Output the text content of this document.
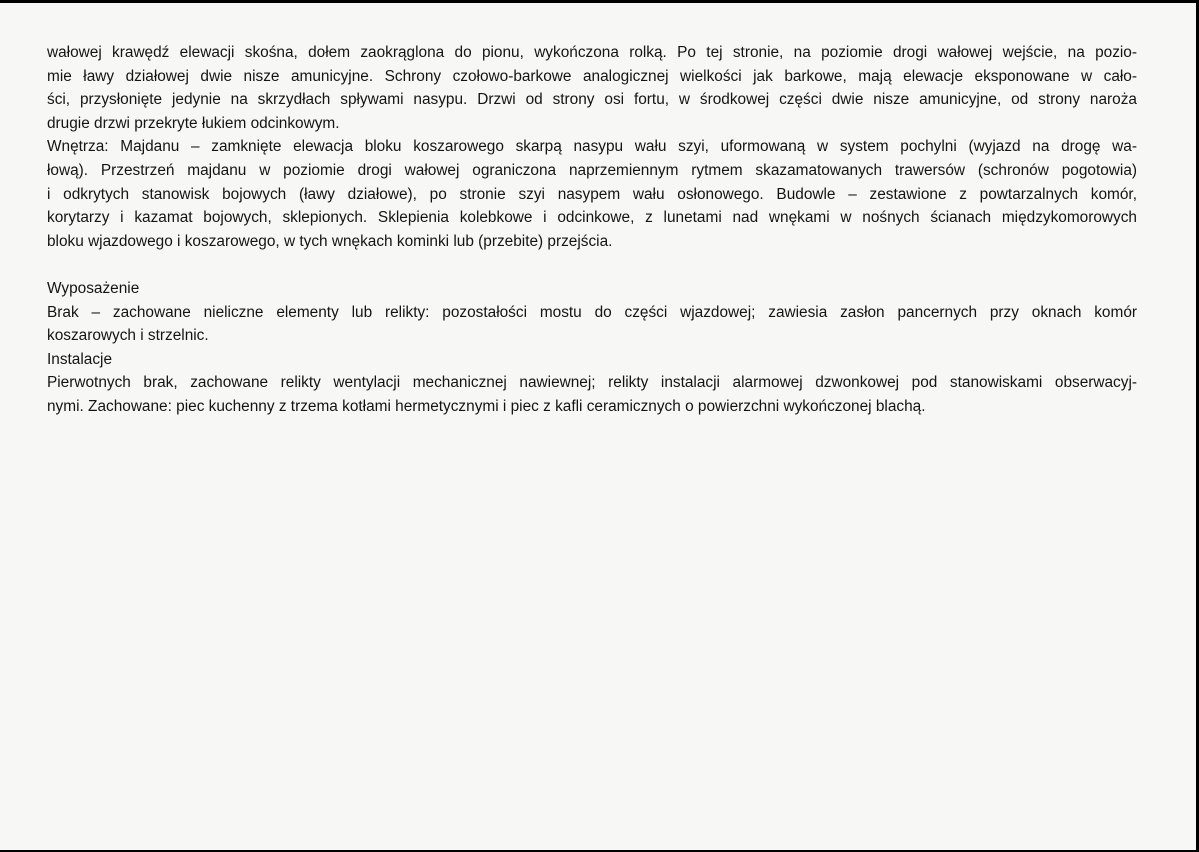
wałowej krawędź elewacji skośna, dołem zaokrąglona do pionu, wykończona rolką. Po tej stronie, na poziomie drogi wałowej wejście, na pozio-
mie ławy działowej dwie nisze amunicyjne. Schrony czołowo-barkowe analogicznej wielkości jak barkowe, mają elewacje eksponowane w cało-
ści, przysłonięte jedynie na skrzydłach spływami nasypu. Drzwi od strony osi fortu, w środkowej części dwie nisze amunicyjne, od strony naroża
drugie drzwi przekryte łukiem odcinkowym.
Wnętrza: Majdanu – zamknięte elewacja bloku koszarowego skarpą nasypu wału szyi, uformowaną w system pochylni (wyjazd na drogę wa-
łową). Przestrzeń majdanu w poziomie drogi wałowej ograniczona naprzemiennym rytmem skazamatowanych trawersów (schronów pogotowia)
i odkrytych stanowisk bojowych (ławy działowe), po stronie szyi nasypem wału osłonowego. Budowle – zestawione z powtarzalnych komór,
korytarzy i kazamat bojowych, sklepionych. Sklepienia kolebkowe i odcinkowe, z lunetami nad wnękami w nośnych ścianach międzykomorowych
bloku wjazdowego i koszarowego, w tych wnękach kominki lub (przebite) przejścia.
Wyposażenie
Brak – zachowane nieliczne elementy lub relikty: pozostałości mostu do części wjazdowej; zawiesia zasłon pancernych przy oknach komór
koszarowych i strzelnic.
Instalacje
Pierwotnych brak, zachowane relikty wentylacji mechanicznej nawiewnej; relikty instalacji alarmowej dzwonkowej pod stanowiskami obserwacyj-
nymi. Zachowane: piec kuchenny z trzema kotłami hermetycznymi i piec z kafli ceramicznych o powierzchni wykończonej blachą.
